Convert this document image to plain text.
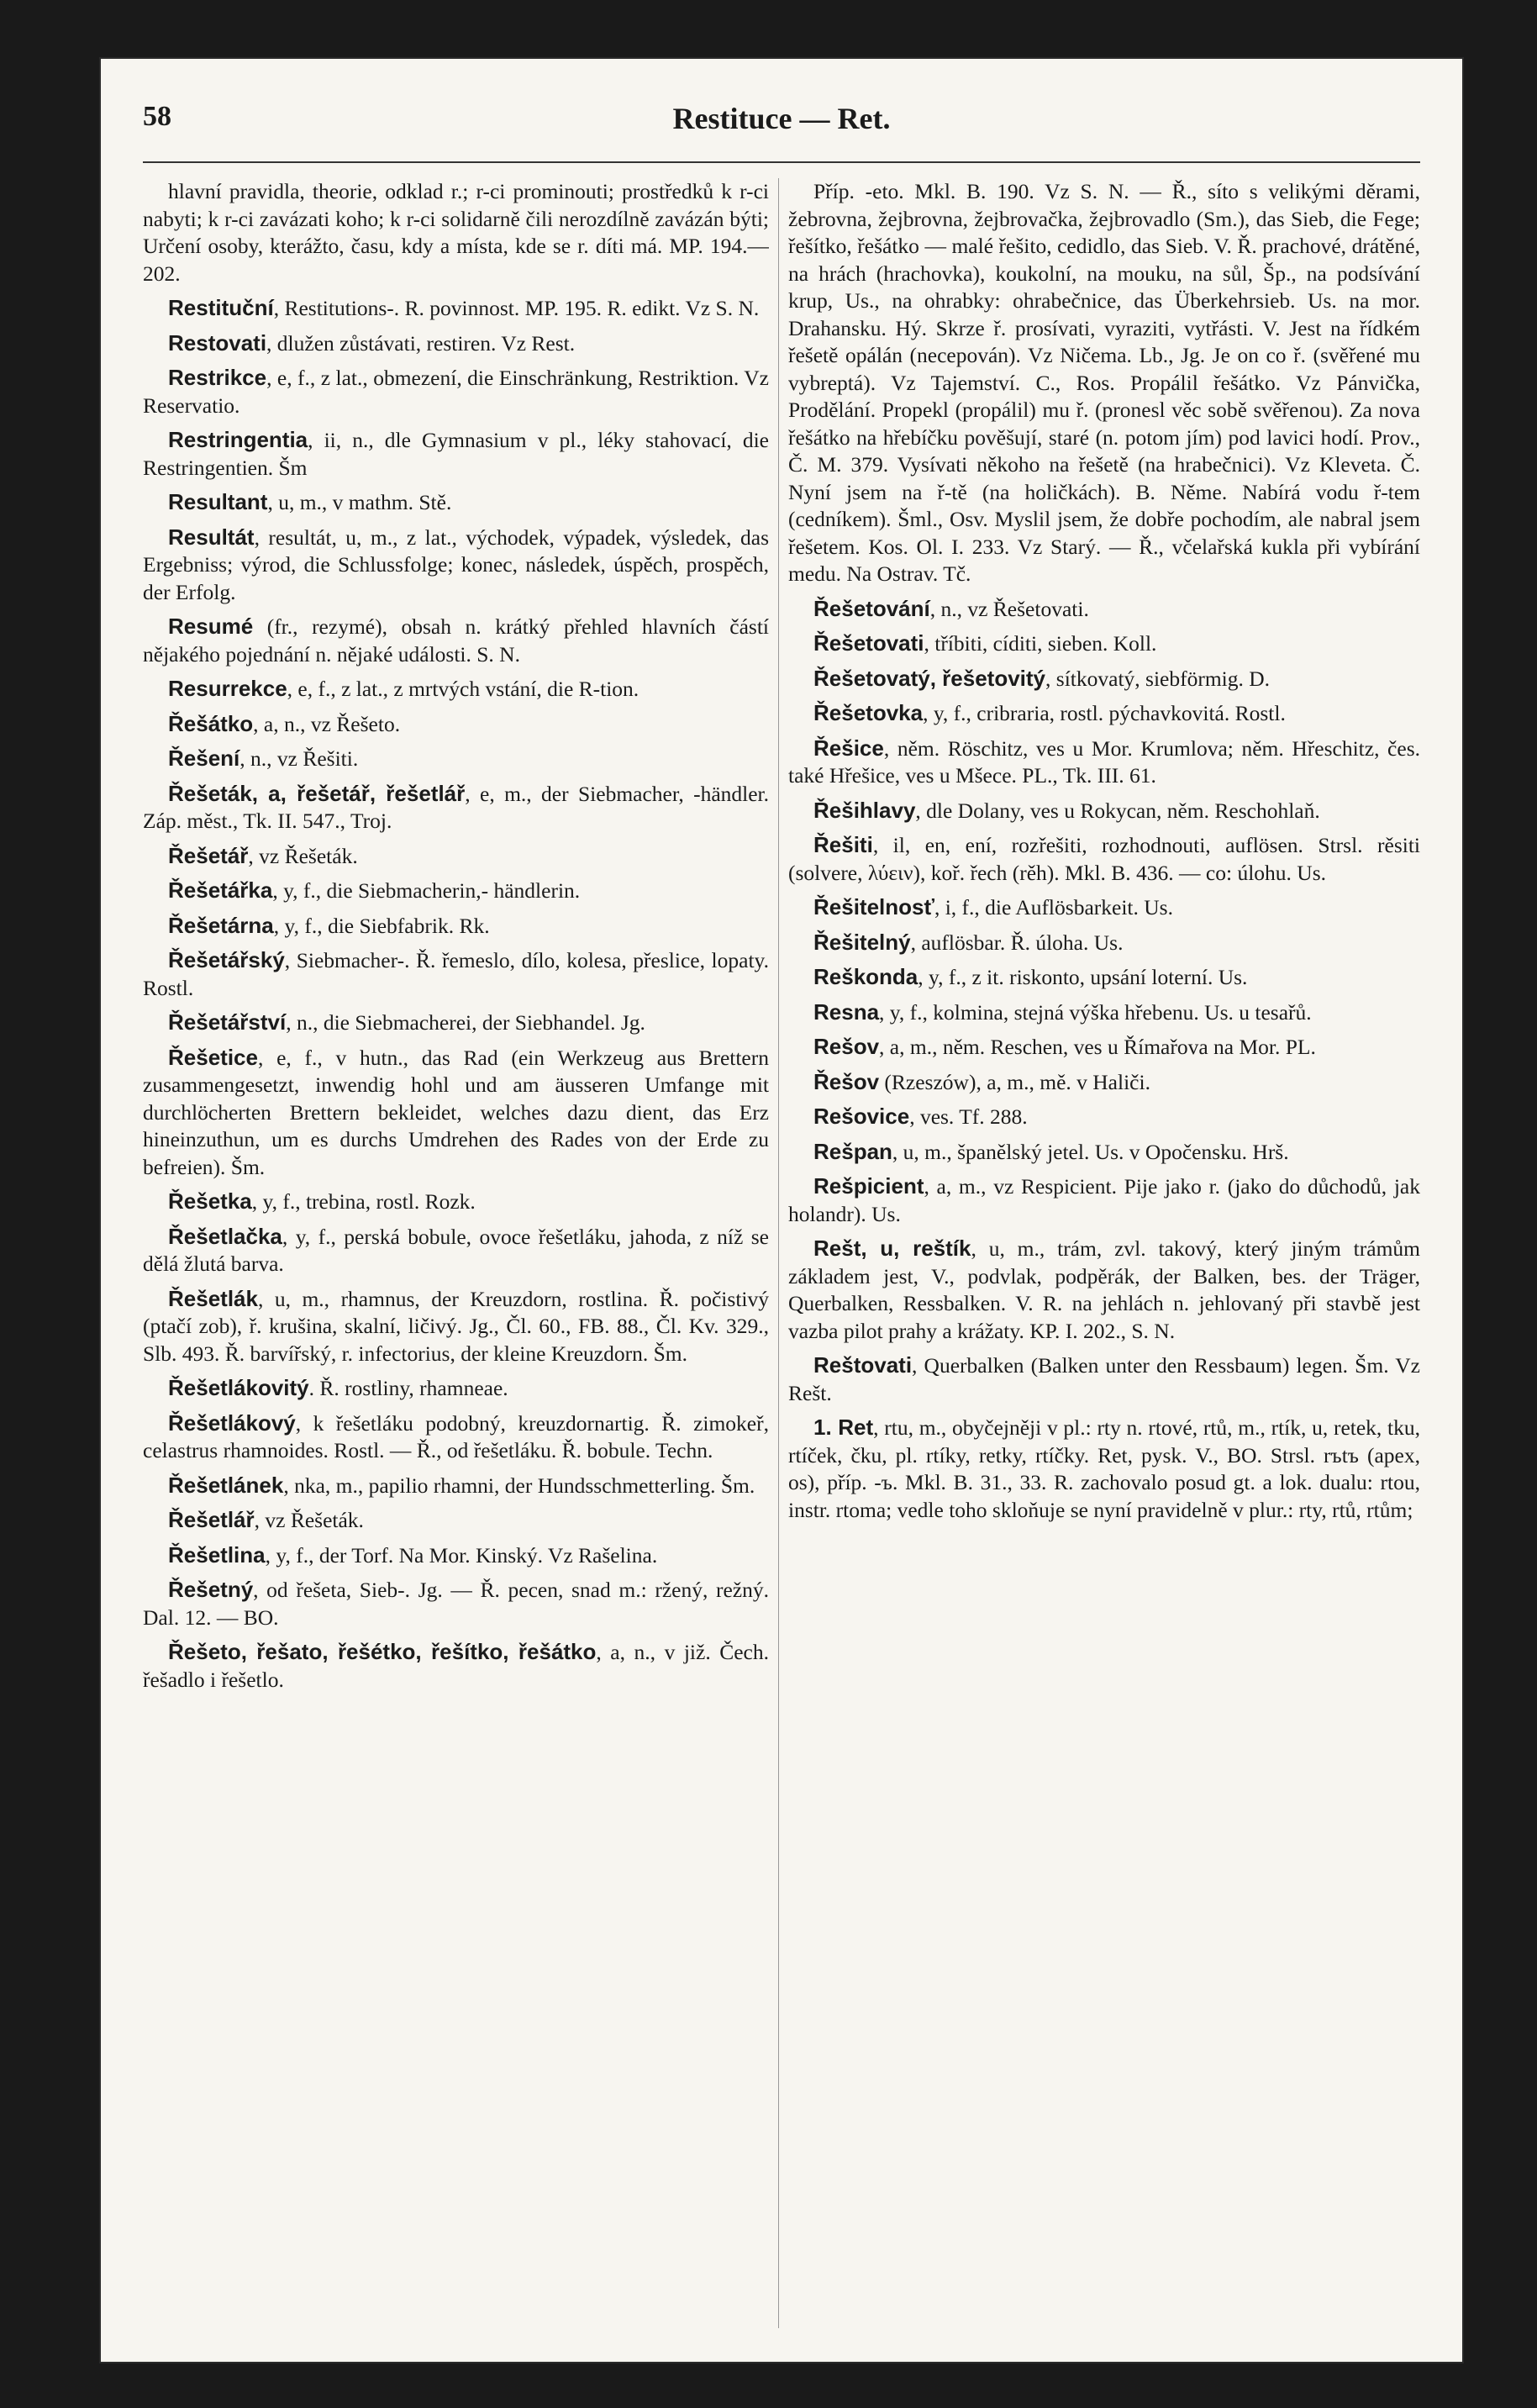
58	Restituce — Ret.

hlavní pravidla, theorie, odklad r.; r-ci prominouti; prostředků k r-ci nabyti; k r-ci zavázati koho; k r-ci solidarně čili nerozdílně zavázán býti; Určení osoby, kterážto, času, kdy a místa, kde se r. díti má. MP. 194.—202.

Restituční, Restitutions-. R. povinnost. MP. 195. R. edikt. Vz S. N.

Restovati, dlužen zůstávati, restiren. Vz Rest.

Restrikce, e, f., z lat., obmezení, die Einschränkung, Restriktion. Vz Reservatio.

Restringentia, ii, n., dle Gymnasium v pl., léky stahovací, die Restringentien. Šm

Resultant, u, m., v mathm. Stě.

Resultát, resultát, u, m., z lat., východek, výpadek, výsledek, das Ergebniss; výrod, die Schlussfolge; konec, následek, úspěch, prospěch, der Erfolg.

Resumé (fr., rezymé), obsah n. krátký přehled hlavních částí nějakého pojednání n. nějaké události. S. N.

Resurrekce, e, f., z lat., z mrtvých vstání, die R-tion.

Řešátko, a, n., vz Řešeto.

Řešení, n., vz Řešiti.

Řešeták, a, řešetář, řešetlář, e, m., der Siebmacher, -händler. Záp. měst., Tk. II. 547., Troj.

Řešetář, vz Řešeták.

Řešetářka, y, f., die Siebmacherin,- händlerin.

Řešetárna, y, f., die Siebfabrik. Rk.

Řešetářský, Siebmacher-. Ř. řemeslo, dílo, kolesa, přeslice, lopaty. Rostl.

Řešetářství, n., die Siebmacherei, der Siebhandel. Jg.

Řešetice, e, f., v hutn., das Rad (ein Werkzeug aus Brettern zusammengesetzt, inwendig hohl und am äusseren Umfange mit durchlöcherten Brettern bekleidet, welches dazu dient, das Erz hineinzuthun, um es durchs Umdrehen des Rades von der Erde zu befreien). Šm.

Řešetka, y, f., trebina, rostl. Rozk.

Řešetlačka, y, f., perská bobule, ovoce řešetláku, jahoda, z níž se dělá žlutá barva.

Řešetlák, u, m., rhamnus, der Kreuzdorn, rostlina. Ř. počistivý (ptačí zob), ř. krušina, skalní, ličivý. Jg., Čl. 60., FB. 88., Čl. Kv. 329., Slb. 493. Ř. barvířský, r. infectorius, der kleine Kreuzdorn. Šm.

Řešetlákovitý. Ř. rostliny, rhamneae.

Řešetlákový, k řešetláku podobný, kreuzdornartig. Ř. zimokeř, celastrus rhamnoides. Rostl. — Ř., od řešetláku. Ř. bobule. Techn.

Řešetlánek, nka, m., papilio rhamni, der Hundsschmetterling. Šm.

Řešetlář, vz Řešeták.

Řešetlina, y, f., der Torf. Na Mor. Kinský. Vz Rašelina.

Řešetný, od řešeta, Sieb-. Jg. — Ř. pecen, snad m.: ržený, režný. Dal. 12. — BO.

Řešeto, řešato, řešétko, řešítko, řešátko, a, n., v již. Čech. řešadlo i řešetlo.

Příp. -eto. Mkl. B. 190. Vz S. N. — Ř., síto s velikými děrami, žebrovna, žejbrovna, žejbrovačka, žejbrovadlo (Sm.), das Sieb, die Fege; řešítko, řešátko — malé řešito, cedidlo, das Sieb. V. Ř. prachové, drátěné, na hrách (hrachovka), koukolní, na mouku, na sůl, Šp., na podsívání krup, Us., na ohrabky: ohrabečnice, das Überkehrsieb. Us. na mor. Drahansku. Hý. Skrze ř. prosívati, vyraziti, vytřásti. V. Jest na řídkém řešetě opálán (necepován). Vz Ničema. Lb., Jg. Je on co ř. (svěřené mu vybreptá). Vz Tajemství. C., Ros. Propálil řešátko. Vz Pánvička, Prodělání. Propekl (propálil) mu ř. (pronesl věc sobě svěřenou). Za nova řešátko na hřebíčku pověšují, staré (n. potom jím) pod lavici hodí. Prov., Č. M. 379. Vysívati někoho na řešetě (na hrabečnici). Vz Kleveta. Č. Nyní jsem na ř-tě (na holičkách). B. Něme. Nabírá vodu ř-tem (cedníkem). Šml., Osv. Myslil jsem, že dobře pochodím, ale nabral jsem řešetem. Kos. Ol. I. 233. Vz Starý. — Ř., včelařská kukla při vybírání medu. Na Ostrav. Tč.

Řešetování, n., vz Řešetovati.

Řešetovati, tříbiti, cíditi, sieben. Koll.

Řešetovatý, řešetovitý, sítkovatý, siebförmig. D.

Řešetovka, y, f., cribraria, rostl. pýchavkovitá. Rostl.

Řešice, něm. Röschitz, ves u Mor. Krumlova; něm. Hřeschitz, čes. také Hřešice, ves u Mšece. PL., Tk. III. 61.

Řešihlavy, dle Dolany, ves u Rokycan, něm. Reschohlaň.

Řešiti, il, en, ení, rozřešiti, rozhodnouti, auflösen. Strsl. rěsiti (solvere, λύειν), koř. řech (rěh). Mkl. B. 436. — co: úlohu. Us.

Řešitelnosť, i, f., die Auflösbarkeit. Us.

Řešitelný, auflösbar. Ř. úloha. Us.

Reškonda, y, f., z it. riskonto, upsání loterní. Us.

Resna, y, f., kolmina, stejná výška hřebenu. Us. u tesařů.

Rešov, a, m., něm. Reschen, ves u Římařova na Mor. PL.

Řešov (Rzeszów), a, m., mě. v Haliči.

Rešovice, ves. Tf. 288.

Rešpan, u, m., španělský jetel. Us. v Opočensku. Hrš.

Rešpicient, a, m., vz Respicient. Pije jako r. (jako do důchodů, jak holandr). Us.

Rešt, u, reštík, u, m., trám, zvl. takový, který jiným trámům základem jest, V., podvlak, podpěrák, der Balken, bes. der Träger, Querbalken, Ressbalken. V. R. na jehlách n. jehlovaný při stavbě jest vazba pilot prahy a krážaty. KP. I. 202., S. N.

Reštovati, Querbalken (Balken unter den Ressbaum) legen. Šm. Vz Rešt.

1. Ret, rtu, m., obyčejněji v pl.: rty n. rtové, rtů, m., rtík, u, retek, tku, rtíček, čku, pl. rtíky, retky, rtíčky. Ret, pysk. V., BO. Strsl. rъtъ (apex, os), příp. -ъ. Mkl. B. 31., 33. R. zachovalo posud gt. a lok. dualu: rtou, instr. rtoma; vedle toho skloňuje se nyní pravidelně v plur.: rty, rtů, rtům;
